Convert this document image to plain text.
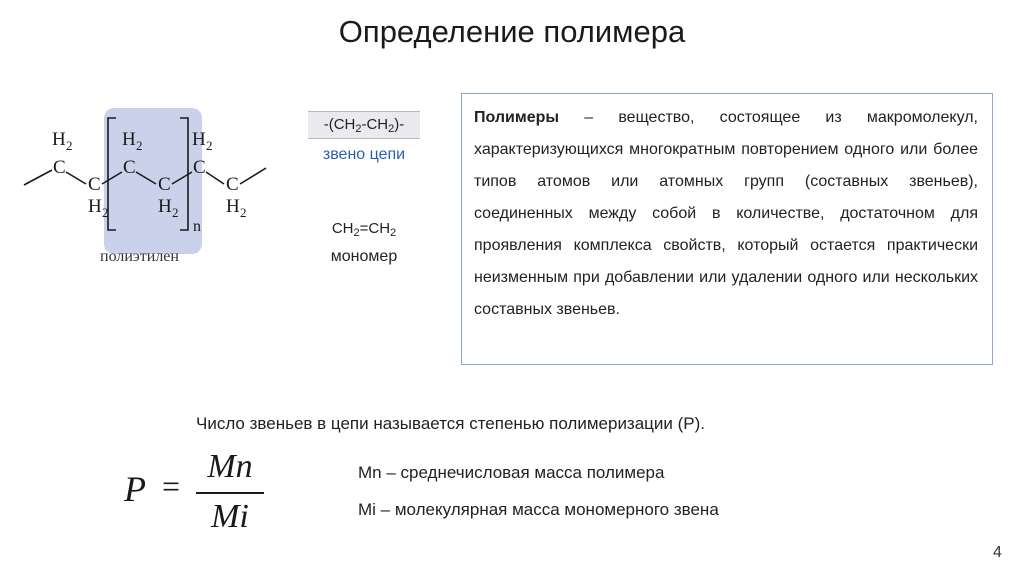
Определение полимера
H 2
C
C
H 2
H 2
C
C
H 2
H 2
C
C
H 2
n
полиэтилен
$-(CH_2-CH_2)-$
звено цепи
$CH_2=CH_2$
мономер

Полимеры – вещество, состоящее из макромолекул, характеризующихся многократным повторением одного или более типов атомов или атомных групп (составных звеньев), соединенных между собой в количестве, достаточном для проявления комплекса свойств, который остается практически неизменным при добавлении или удалении одного или нескольких составных звеньев.

Число звеньев в цепи называется степенью полимеризации (P).
P =
Mn
Mi
Mn – среднечисловая масса полимера
Mi – молекулярная масса мономерного звена
4
